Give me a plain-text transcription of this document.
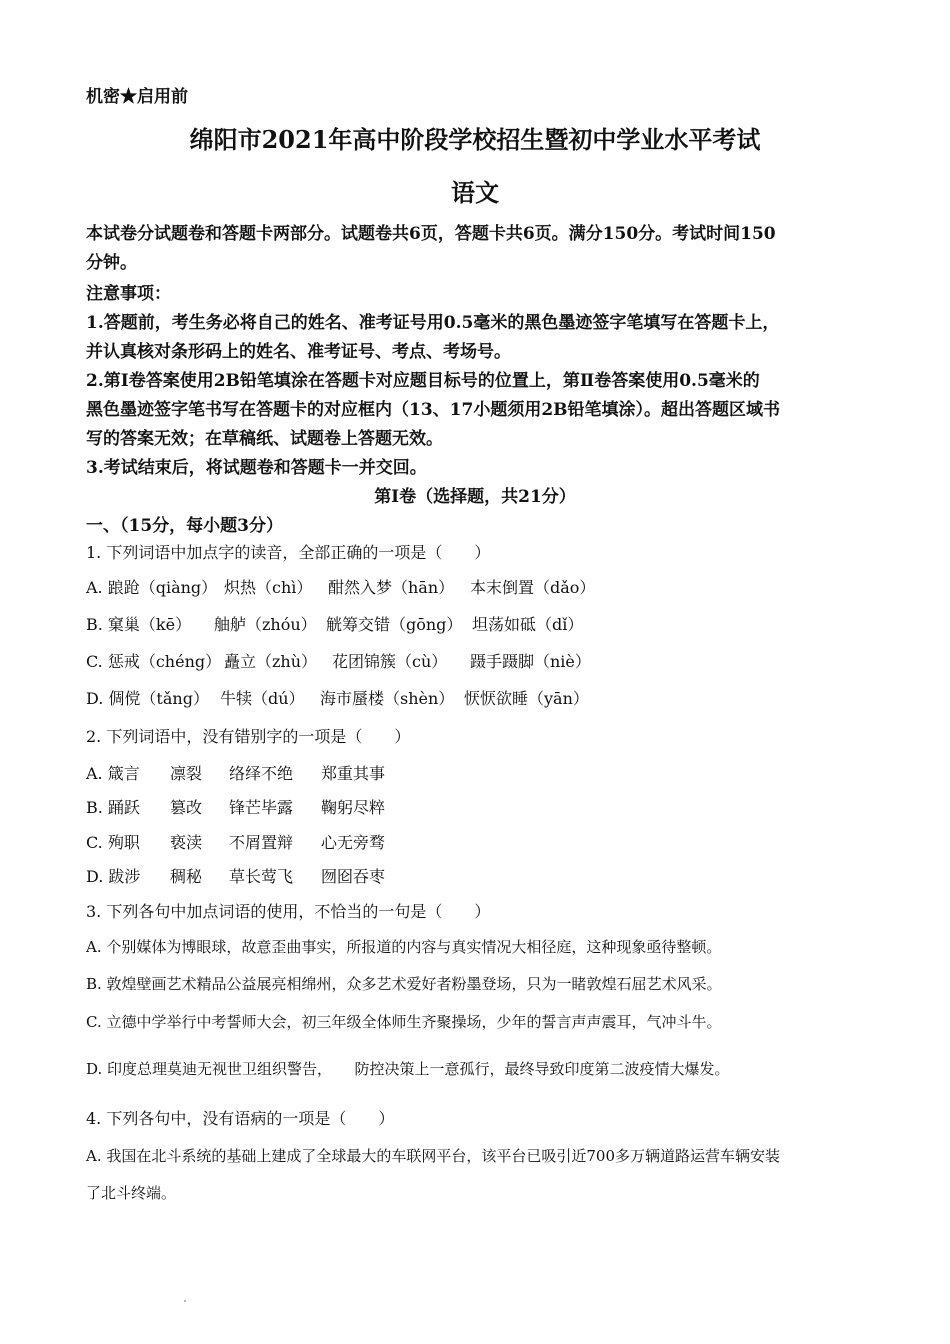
机密★启用前
绵阳市2021年高中阶段学校招生暨初中学业水平考试
语文
本试卷分试题卷和答题卡两部分。试题卷共6页，答题卡共6页。满分150分。考试时间150
分钟。
注意事项：
1.答题前，考生务必将自己的姓名、准考证号用0.5毫米的黑色墨迹签字笔填写在答题卡上，
并认真核对条形码上的姓名、准考证号、考点、考场号。
2.第Ⅰ卷答案使用2B铅笔填涂在答题卡对应题目标号的位置上，第Ⅱ卷答案使用0.5毫米的
黑色墨迹签字笔书写在答题卡的对应框内（13、17小题须用2B铅笔填涂）。超出答题区域书
写的答案无效；在草稿纸、试题卷上答题无效。
3.考试结束后，将试题卷和答题卡一并交回。
第Ⅰ卷（选择题，共21分）
一、（15分，每小题3分）
1. 下列词语中加点字的读音，全部正确的一项是（　　）
A. 踉跄（qiàng） 炽热（chì） 酣然入梦（hān） 本末倒置（dǎo）
B. 窠巢（kē） 舳舻（zhóu） 觥筹交错（gōng） 坦荡如砥（dǐ）
C. 惩戒（chéng） 矗立（zhù） 花团锦簇（cù） 蹑手蹑脚（niè）
D. 倜傥（tǎng） 牛犊（dú） 海市蜃楼（shèn） 恹恹欲睡（yān）
2. 下列词语中，没有错别字的一项是（　　）
A. 箴言 凛裂 络绎不绝 郑重其事
B. 踊跃 篡改 锋芒毕露 鞠躬尽粹
C. 殉职 亵渎 不屑置辩 心无旁骛
D. 跋涉 稠秘 草长莺飞 囫囵吞枣
3. 下列各句中加点词语的使用，不恰当的一句是（　　）
A. 个别媒体为博眼球，故意歪曲事实，所报道的内容与真实情况大相径庭，这种现象亟待整顿。
B. 敦煌壁画艺术精品公益展亮相绵州，众多艺术爱好者粉墨登场，只为一睹敦煌石屈艺术风采。
C. 立德中学举行中考誓师大会，初三年级全体师生齐聚操场，少年的誓言声声震耳，气冲斗牛。
D. 印度总理莫迪无视世卫组织警告，　　防控决策上一意孤行，最终导致印度第二波疫情大爆发。
4. 下列各句中，没有语病的一项是（　　）
A. 我国在北斗系统的基础上建成了全球最大的车联网平台，该平台已吸引近700多万辆道路运营车辆安装
了北斗终端。
